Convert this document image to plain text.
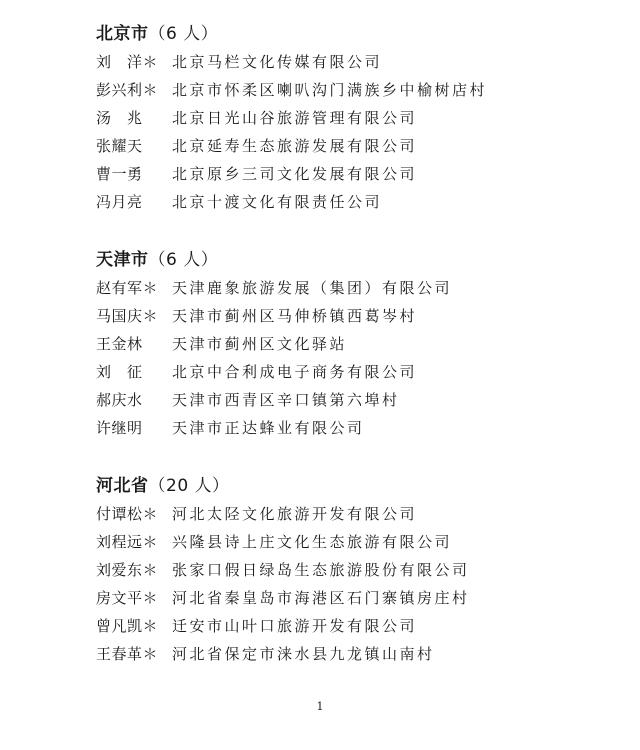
北京市（6 人）
刘　洋＊ 北京马栏文化传媒有限公司
彭兴利＊ 北京市怀柔区喇叭沟门满族乡中榆树店村
汤　兆	北京日光山谷旅游管理有限公司
张耀天	北京延寿生态旅游发展有限公司
曹一勇	北京原乡三司文化发展有限公司
冯月亮	北京十渡文化有限责任公司
天津市（6 人）
赵有军＊ 天津鹿象旅游发展（集团）有限公司
马国庆＊ 天津市蓟州区马伸桥镇西葛岑村
王金林	天津市蓟州区文化驿站
刘　征	北京中合利成电子商务有限公司
郝庆水	天津市西青区辛口镇第六埠村
许继明	天津市正达蜂业有限公司
河北省（20 人）
付谭松＊ 河北太陉文化旅游开发有限公司
刘程远＊ 兴隆县诗上庄文化生态旅游有限公司
刘爱东＊ 张家口假日绿岛生态旅游股份有限公司
房文平＊ 河北省秦皇岛市海港区石门寨镇房庄村
曾凡凯＊ 迁安市山叶口旅游开发有限公司
王春革＊ 河北省保定市涞水县九龙镇山南村
1
